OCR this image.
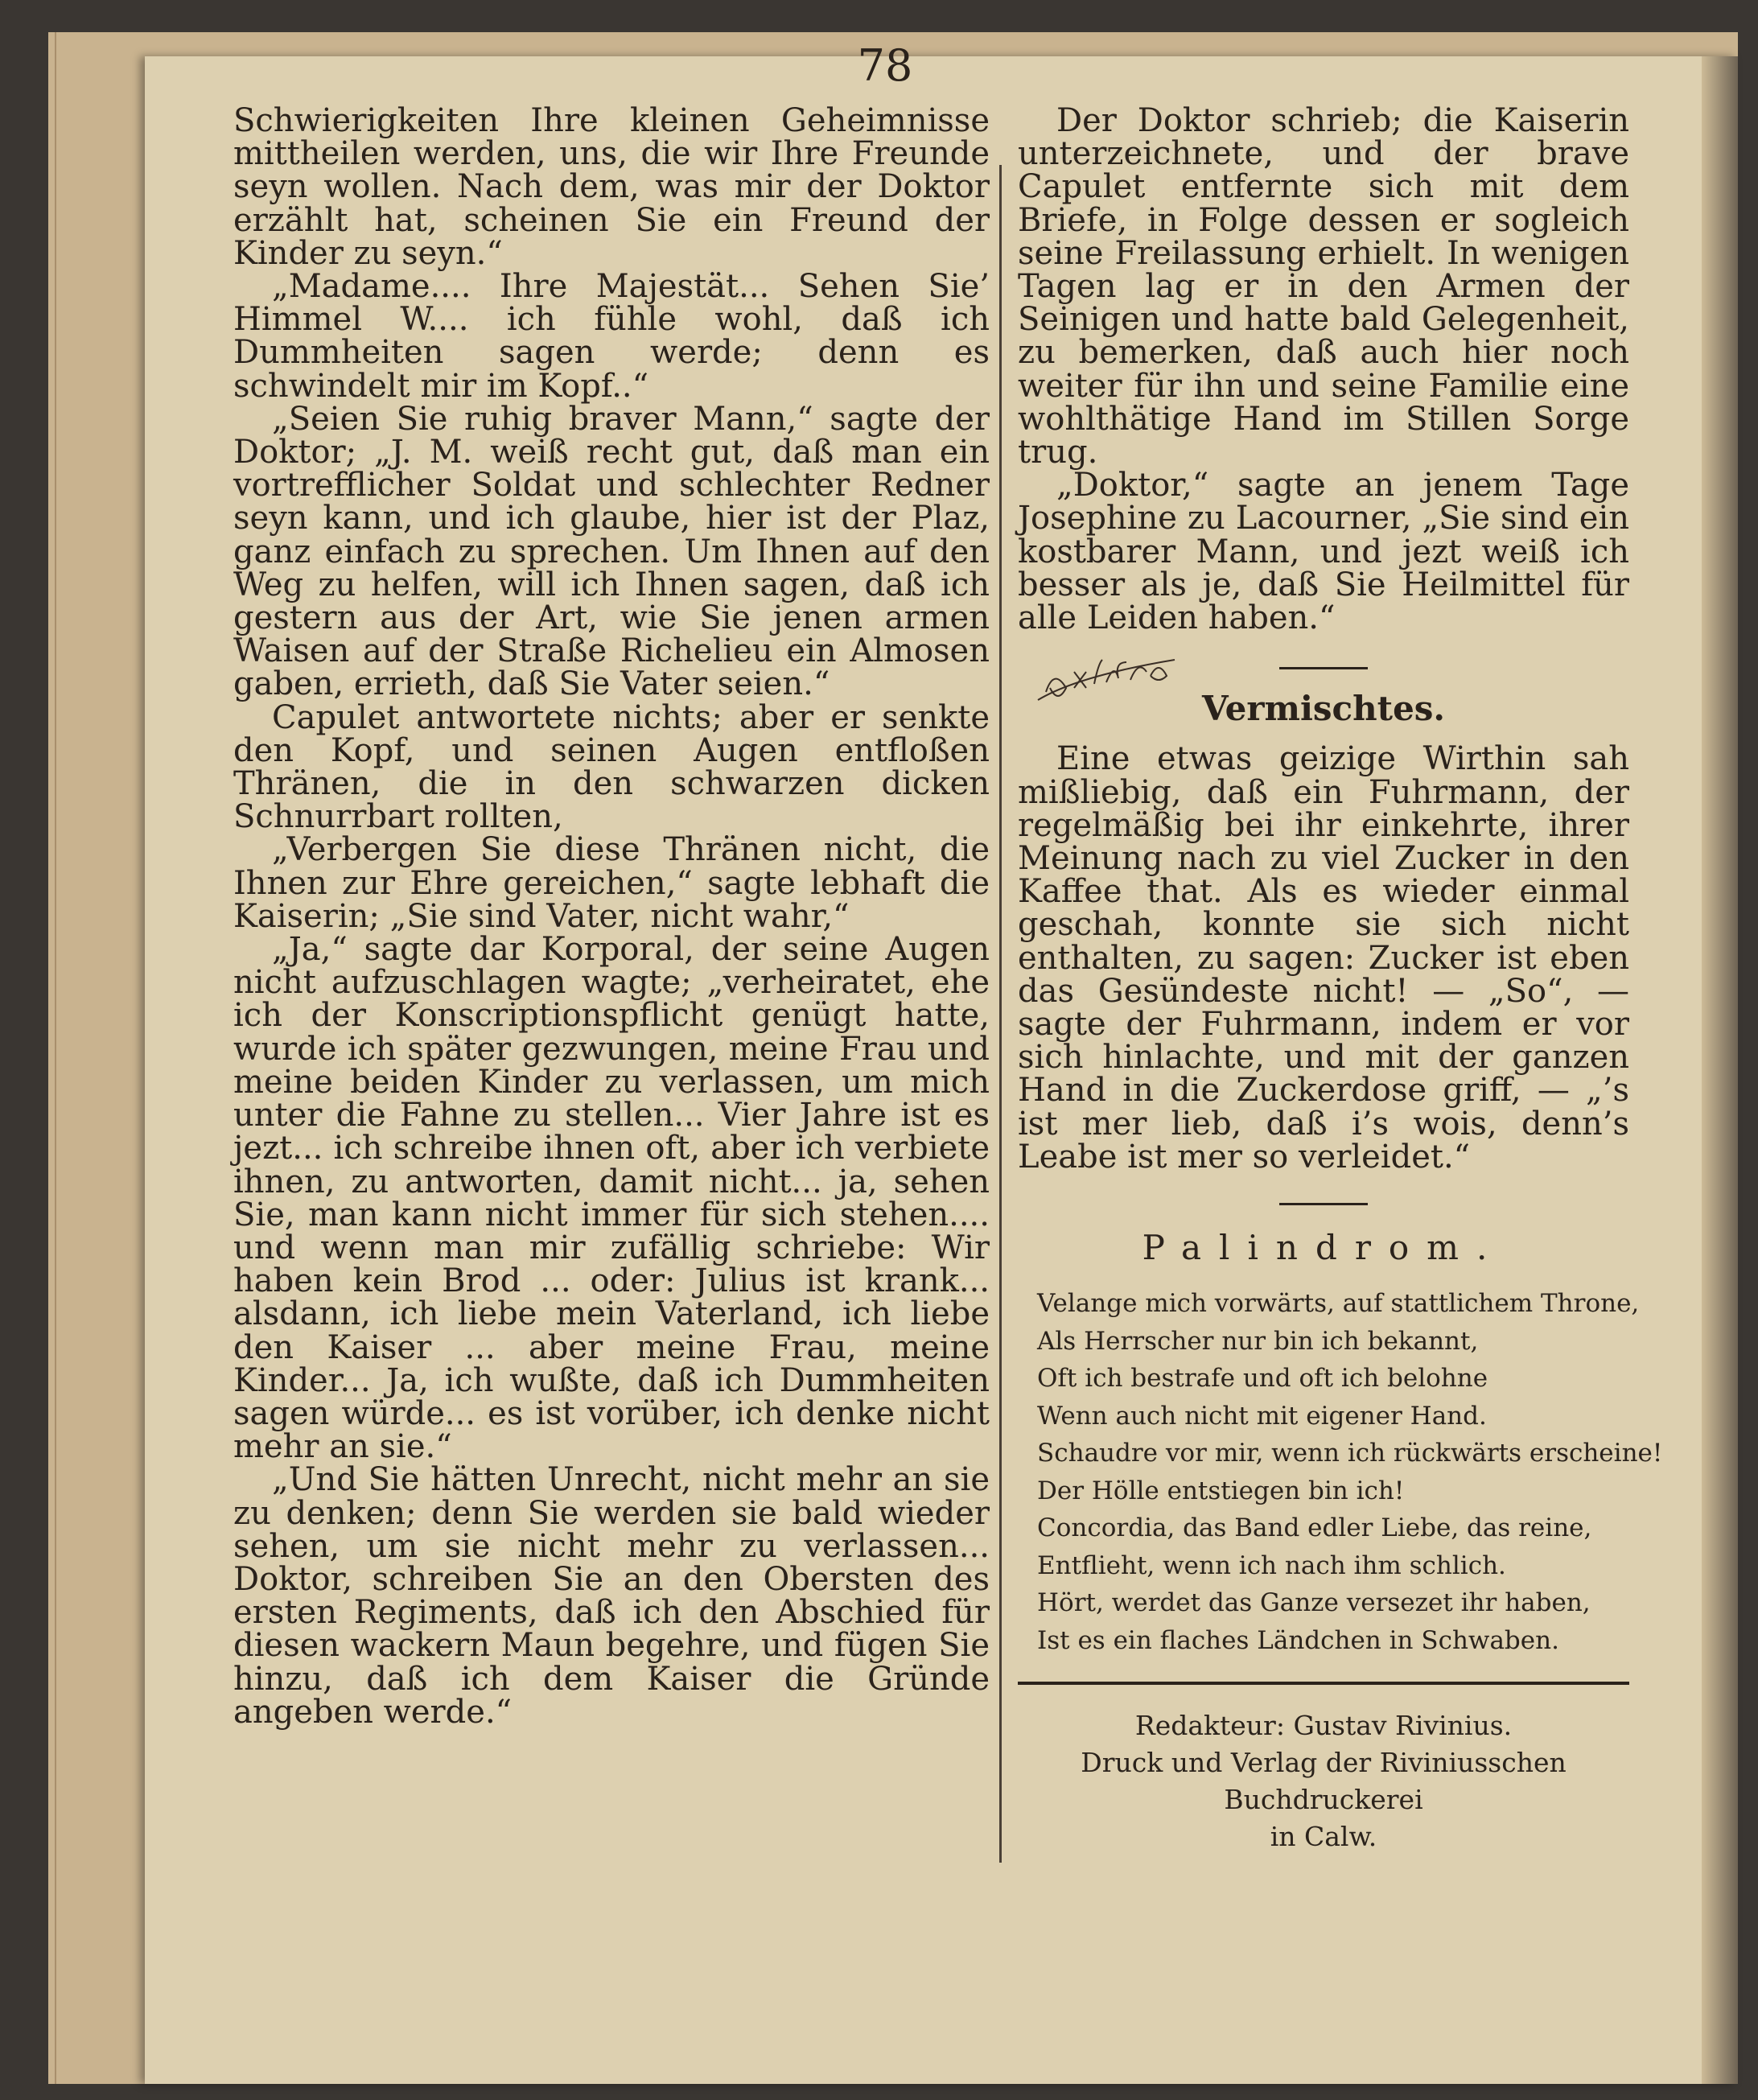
78

Schwierigkeiten Ihre kleinen Geheimnisse mittheilen werden, uns, die wir Ihre Freunde seyn wollen. Nach dem, was mir der Doktor erzählt hat, scheinen Sie ein Freund der Kinder zu seyn.“

„Madame.... Ihre Majestät... Sehen Sie’ Himmel W.... ich fühle wohl, daß ich Dummheiten sagen werde; denn es schwindelt mir im Kopf..“

„Seien Sie ruhig braver Mann,“ sagte der Doktor; „J. M. weiß recht gut, daß man ein vortrefflicher Soldat und schlechter Redner seyn kann, und ich glaube, hier ist der Plaz, ganz einfach zu sprechen. Um Ihnen auf den Weg zu helfen, will ich Ihnen sagen, daß ich gestern aus der Art, wie Sie jenen armen Waisen auf der Straße Richelieu ein Almosen gaben, errieth, daß Sie Vater seien.“

Capulet antwortete nichts; aber er senkte den Kopf, und seinen Augen entfloßen Thränen, die in den schwarzen dicken Schnurrbart rollten,

„Verbergen Sie diese Thränen nicht, die Ihnen zur Ehre gereichen,“ sagte lebhaft die Kaiserin; „Sie sind Vater, nicht wahr,“

„Ja,“ sagte dar Korporal, der seine Augen nicht aufzuschlagen wagte; „verheiratet, ehe ich der Konscriptionspflicht genügt hatte, wurde ich später gezwungen, meine Frau und meine beiden Kinder zu verlassen, um mich unter die Fahne zu stellen... Vier Jahre ist es jezt... ich schreibe ihnen oft, aber ich verbiete ihnen, zu antworten, damit nicht... ja, sehen Sie, man kann nicht immer für sich stehen.... und wenn man mir zufällig schriebe: Wir haben kein Brod ... oder: Julius ist krank... alsdann, ich liebe mein Vaterland, ich liebe den Kaiser ... aber meine Frau, meine Kinder... Ja, ich wußte, daß ich Dummheiten sagen würde... es ist vorüber, ich denke nicht mehr an sie.“

„Und Sie hätten Unrecht, nicht mehr an sie zu denken; denn Sie werden sie bald wieder sehen, um sie nicht mehr zu verlassen... Doktor, schreiben Sie an den Obersten des ersten Regiments, daß ich den Abschied für diesen wackern Maun begehre, und fügen Sie hinzu, daß ich dem Kaiser die Gründe angeben werde.“

Der Doktor schrieb; die Kaiserin unterzeichnete, und der brave Capulet entfernte sich mit dem Briefe, in Folge dessen er sogleich seine Freilassung erhielt. In wenigen Tagen lag er in den Armen der Seinigen und hatte bald Gelegenheit, zu bemerken, daß auch hier noch weiter für ihn und seine Familie eine wohlthätige Hand im Stillen Sorge trug.

„Doktor,“ sagte an jenem Tage Josephine zu Lacourner, „Sie sind ein kostbarer Mann, und jezt weiß ich besser als je, daß Sie Heilmittel für alle Leiden haben.“

Vermischtes.

Eine etwas geizige Wirthin sah mißliebig, daß ein Fuhrmann, der regelmäßig bei ihr einkehrte, ihrer Meinung nach zu viel Zucker in den Kaffee that. Als es wieder einmal geschah, konnte sie sich nicht enthalten, zu sagen: Zucker ist eben das Gesündeste nicht! — „So“, — sagte der Fuhrmann, indem er vor sich hinlachte, und mit der ganzen Hand in die Zuckerdose griff, — „’s ist mer lieb, daß i’s wois, denn’s Leabe ist mer so verleidet.“

Palindrom.
Velange mich vorwärts, auf stattlichem Throne,
Als Herrscher nur bin ich bekannt,
Oft ich bestrafe und oft ich belohne
Wenn auch nicht mit eigener Hand.
Schaudre vor mir, wenn ich rückwärts erscheine!
Der Hölle entstiegen bin ich!
Concordia, das Band edler Liebe, das reine,
Entflieht, wenn ich nach ihm schlich.
Hört, werdet das Ganze versezet ihr haben,
Ist es ein flaches Ländchen in Schwaben.
Redakteur: Gustav Rivinius.
Druck und Verlag der Riviniusschen Buchdruckerei
in Calw.
